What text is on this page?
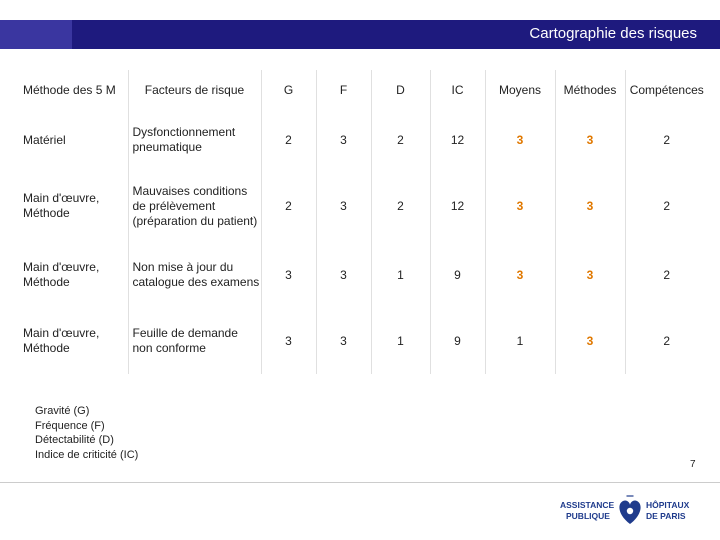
Cartographie des risques
Méthode des 5 M	Facteurs de risque	G	F	D	IC	Moyens	Méthodes	Compétences
Matériel	Dysfonctionnement pneumatique	2	3	2	12	3	3	2
Main d'œuvre, Méthode	Mauvaises conditions de prélèvement (préparation du patient)	2	3	2	12	3	3	2
Main d'œuvre, Méthode	Non mise à jour du catalogue des examens	3	3	1	9	3	3	2
Main d'œuvre, Méthode	Feuille de demande non conforme	3	3	1	9	1	3	2
Gravité (G)
Fréquence (F)
Détectabilité (D)
Indice de criticité (IC)
7
ASSISTANCE
PUBLIQUE
HÔPITAUX
DE PARIS
